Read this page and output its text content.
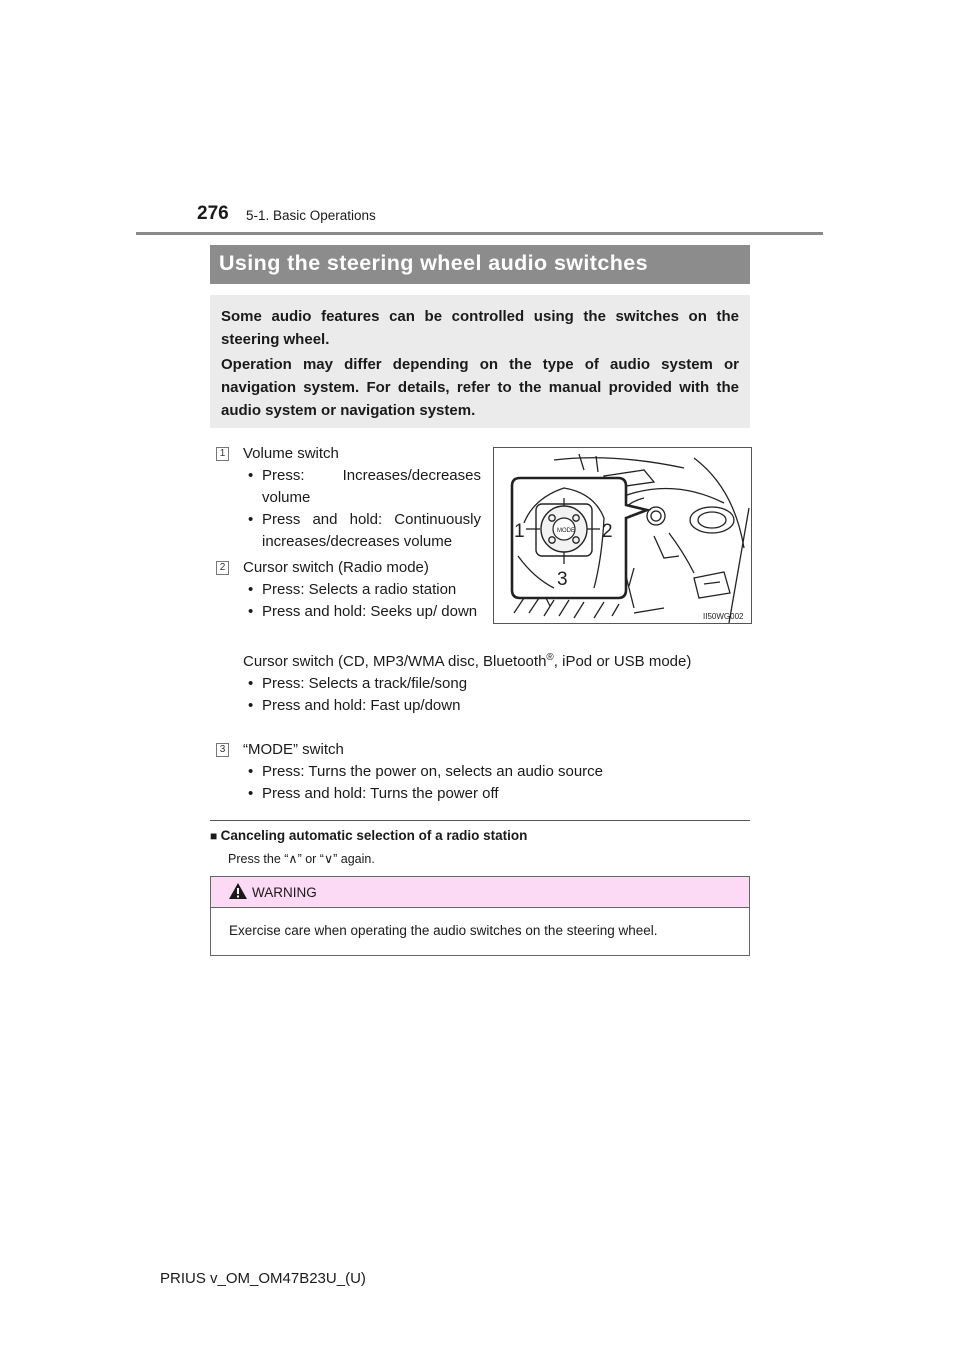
276 5-1. Basic Operations
Using the steering wheel audio switches

Some audio features can be controlled using the switches on the steering wheel.

Operation may differ depending on the type of audio system or navigation system. For details, refer to the manual provided with the audio system or navigation system.

1 Volume switch

• Press: Increases/decreases volume

• Press and hold: Continuously increases/decreases volume

2 Cursor switch (Radio mode)

• Press: Selects a radio station

• Press and hold: Seeks up/ down

Cursor switch (CD, MP3/WMA disc, Bluetooth®, iPod or USB mode)

• Press: Selects a track/file/song

• Press and hold: Fast up/down

3 “MODE” switch

• Press: Turns the power on, selects an audio source

• Press and hold: Turns the power off

1	2
3
MODE
II50WG002
■ Canceling automatic selection of a radio station
Press the “∧” or “∨” again.
WARNING
Exercise care when operating the audio switches on the steering wheel.
PRIUS v_OM_OM47B23U_(U)
